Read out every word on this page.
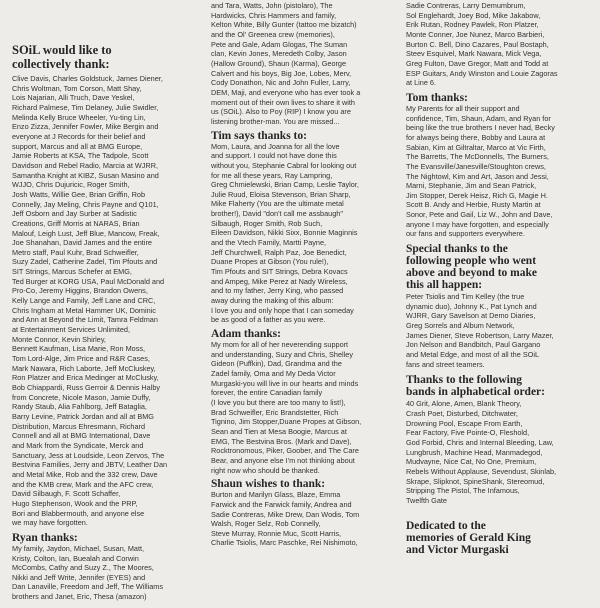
SOiL would like to
collectively thank:

Clive Davis, Charles Goldstuck, James Diener,
Chris Woltman, Tom Corson, Matt Shay,
Lois Najarian, Alli Truch, Dave Yeskel,
Richard Palmese, Tim Delaney, Julie Swidler,
Melinda Kelly Bruce Wheeler, Yu-ting Lin,
Enzo Zizza, Jennifer Fowler, Mike Bergin and
everyone at J Records for their belief and
support, Marcus and all at BMG Europe,
Jamie Roberts at KSA, The Tadpole, Scott
Davidson and Rebel Radio, Marcia at WJRR,
Samantha Knight at KIBZ, Susan Masino and
WJJO, Chris Dujuricic, Roger Smith,
Josh Watts, Willie Gee, Brian Griffin, Rob
Connelly, Jay Meling, Chris Payne and Q101,
Jeff Osborn and Jay Surber at Sadistic
Creations, Griff Morris at NARAS, Brian
Malouf, Leigh Lust, Jeff Blue, Mancow, Freak,
Joe Shanahan, David James and the entire
Metro staff, Paul Kuhr, Brad Schweifler,
Suzy Zadel, Catherine Zadel, Tim Pfouts and
SIT Strings, Marcus Schefer at EMG,
Ted Burger at KORG USA, Paul McDonald and
Pro-Co, Jeremy Higgins, Brandon Owens,
Kelly Lange and Family, Jeff Lane and CRC,
Chris Ingham at Metal Hammer UK, Dominic
and Ann at Beyond the Limit, Tamra Feldman
at Entertainment Services Unlimited,
Monte Connor, Kevin Shirley,
Bennett Kaufman, Lisa Marie, Ron Moss,
Tom Lord-Alge, Jim Price and R&R Cases,
Mark Nawara, Rich Laborte, Jeff McCluskey,
Ron Platzer and Erica Medinger at McClusky,
Bob Chiappardi, Russ Gerroir & Dennis Halby
from Concrete, Nicole Mason, Jamie Duffy,
Randy Staub, Alia Fahlborg, Jeff Bataglia,
Barry Levine, Patrick Jordan and all at BMG
Distribution, Marcus Ehresmann, Richard
Connell and all at BMG International, Dave
and Mark from the Syndicate, Merck and
Sanctuary, Jess at Loudside, Leon Zervos, The
Bestvina Families, Jerry and JBTV, Leather Dan
and Metal Mike, Rob and the 332 crew, Dave
and the KMB crew, Mark and the AFC crew,
David Silbaugh, F. Scott Schaffer,
Hugo Stephenson, Wook and the PRP,
Bori and Blabbermouth, and anyone else
we may have forgotten.

Ryan thanks:

My family, Jaydon, Michael, Susan, Matt,
Kristy, Colton, Ian, Buealah and Corwin
McCombs, Cathy and Suzy Z., The Moores,
Nikki and Jeff Write, Jennifer (EYES) and
Dan Lanaville, Freedom and Jeff, The Williams
brothers and Janet, Eric, Thesa (amazon)

and Tara, Watts, John (pistolaro), The
Hardwicks, Chris Hammers and family,
Kelton White, Billy Gunter (tattoo me bizatch)
and the Ol' Greenea crew (memories),
Pete and Gale, Adam Glogas, The Suman
clan, Kevin Jones, Meredeth Colby, Jason
(Hallow Ground), Shaun (Karma), George
Calvert and his boys, Big Joe, Lobes, Merv,
Cody Donathon, Nic and John Fuller, Larry,
DEM, Maji, and everyone who has ever took a
moment out of their own lives to share it with
us (SOiL). Also to Poy (RIP) I know you are
listening brother-man. You are missed...

Tim says thanks to:

Mom, Laura, and Joanna for all the love
and support. I could not have done this
without you, Stephanie Cabral for looking out
for me all these years, Ray Lampring,
Greg Chmielewski, Brian Camp, Leslie Taylor,
Julie Ruud, Eloisa Stevenson, Brian Sharp,
Mike Flaherty (You are the ultimate metal
brother!), David "don't call me assbaugh"
Silbaugh, Roger Smith, Rob Such,
Eileen Davidson, Nikki Sixx, Bonnie Maginnis
and the Vtech Family, Martti Payne,
Jeff Churchwell, Ralph Paz, Joe Benedict,
Duane Propes at Gibson (You rule!),
Tim Pfouts and SIT Strings, Debra Kovacs
and Ampeg, Mike Perez at Nady Wireless,
and to my father, Jerry King, who passed
away during the making of this album:
I love you and only hope that I can someday
be as good of a father as you were.

Adam thanks:

My mom for all of her neverending support
and understanding, Suzy and Chris, Shelley
Gideon (Puffkin), Dad, Grandma and the
Zadel family, Oma and My Deda Victor
Murgaski-you will live in our hearts and minds
forever, the entire Canadian family
(I love you but there are too many to list!),
Brad Schweifler, Eric Brandstetter, Rich
Tignino, Jim Stopper,Duane Propes at Gibson,
Sean and Tien at Mesa Boogie, Marcus at
EMG, The Bestvina Bros. (Mark and Dave),
Rocktronomous, Piker, Goober, and The Care
Bear, and anyone else I'm not thinking about
right now who should be thanked.

Shaun wishes to thank:

Burton and Marilyn Glass, Blaze, Emma
Farwick and the Farwick family, Andrea and
Sadie Contreras, Mike Drew, Dan Wodis, Tom
Walsh, Roger Selz, Rob Connelly,
Steve Murray, Ronnie Muc, Scott Harris,
Charlie Tsiolis, Marc Paschke, Rei Nishimoto,

Sadie Contreras, Larry Demumbrum,
Sol Englehardt, Joey Bod, Mike Jakabow,
Erik Rutan, Rodney Pawlek, Ron Platzer,
Monte Conner, Joe Nunez, Marco Barbieri,
Burton C. Bell, Dino Cazares, Paul Bostaph,
Steev Esquivel, Mark Nawara, Mick Vega,
Greg Fulton, Dave Gregor, Matt and Todd at
ESP Guitars, Andy Winston and Louie Zagoras
at Line 6.

Tom thanks:

My Parents for all their support and
confidence, Tim, Shaun, Adam, and Ryan for
being like the true brothers I never had, Becky
for always being there, Bobby and Laura at
Sabian, Kim at Giltraltar, Marco at Vic Firth,
The Barretts, The McDonnells, The Burners,
The Evansville/Janesville/Stoughton crews,
The Nightowl, Kim and Art, Jason and Jessi,
Marni, Stephanie, Jim and Sean Patrick,
Jim Stopper, Derek Heisz, Rich G, Magie H.
Scott B. Andy and Herbie, Rusty Martin at
Sonor, Pete and Gail, Liz W., John and Dave,
anyone I may have forgotten, and especially
our fans and supporters everywhere.

Special thanks to the
following people who went
above and beyond to make
this all happen:

Peter Tsiolis and Tim Kelley (the true
dynamic duo), Johnny K., Pat Lynch and
WJRR, Gary Savelson at Demo Diaries,
Greg Sorrels and Album Network,
James Diener, Steve Robertson, Larry Mazer,
Jon Nelson and Bandbitch, Paul Gargano
and Metal Edge, and most of all the SOiL
fans and street teamers.

Thanks to the following
bands in alphabetical order:

40 Grit, Alone, Amen, Blank Theory,
Crash Poet, Disturbed, Ditchwater,
Drowning Pool, Escape From Earth,
Fear Factory, Five Pointe-O, Fleshold,
God Forbid, Chris and Internal Bleeding, Law,
Lungbrush, Machine Head, Manmadegod,
Mudvayne, Nice Cat, No One, Premium,
Rebels Without Applause, Sevendust, Skinlab,
Skrape, Slipknot, SpineShank, Stereomud,
Stripping The Pistol, The Infamous,
Twelfth Gate

Dedicated to the
memories of Gerald King
and Victor Murgaski
